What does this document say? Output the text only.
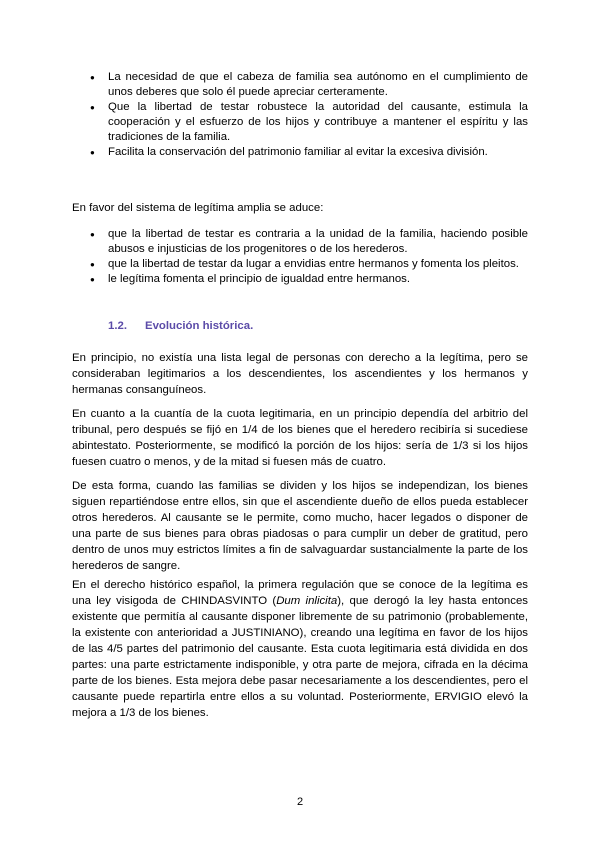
● La necesidad de que el cabeza de familia sea autónomo en el cumplimiento de unos deberes que solo él puede apreciar certeramente.
● Que la libertad de testar robustece la autoridad del causante, estimula la cooperación y el esfuerzo de los hijos y contribuye a mantener el espíritu y las tradiciones de la familia.
● Facilita la conservación del patrimonio familiar al evitar la excesiva división.
En favor del sistema de legítima amplia se aduce:
● que la libertad de testar es contraria a la unidad de la familia, haciendo posible abusos e injusticias de los progenitores o de los herederos.
● que la libertad de testar da lugar a envidias entre hermanos y fomenta los pleitos.
● le legítima fomenta el principio de igualdad entre hermanos.
1.2. Evolución histórica.
En principio, no existía una lista legal de personas con derecho a la legítima, pero se consideraban legitimarios a los descendientes, los ascendientes y los hermanos y hermanas consanguíneos.
En cuanto a la cuantía de la cuota legitimaria, en un principio dependía del arbitrio del tribunal, pero después se fijó en 1/4 de los bienes que el heredero recibiría si sucediese abintestato. Posteriormente, se modificó la porción de los hijos: sería de 1/3 si los hijos fuesen cuatro o menos, y de la mitad si fuesen más de cuatro.
De esta forma, cuando las familias se dividen y los hijos se independizan, los bienes siguen repartiéndose entre ellos, sin que el ascendiente dueño de ellos pueda establecer otros herederos. Al causante se le permite, como mucho, hacer legados o disponer de una parte de sus bienes para obras piadosas o para cumplir un deber de gratitud, pero dentro de unos muy estrictos límites a fin de salvaguardar sustancialmente la parte de los herederos de sangre.
En el derecho histórico español, la primera regulación que se conoce de la legítima es una ley visigoda de CHINDASVINTO (Dum inlicita), que derogó la ley hasta entonces existente que permitía al causante disponer libremente de su patrimonio (probablemente, la existente con anterioridad a JUSTINIANO), creando una legítima en favor de los hijos de las 4/5 partes del patrimonio del causante. Esta cuota legitimaria está dividida en dos partes: una parte estrictamente indisponible, y otra parte de mejora, cifrada en la décima parte de los bienes. Esta mejora debe pasar necesariamente a los descendientes, pero el causante puede repartirla entre ellos a su voluntad. Posteriormente, ERVIGIO elevó la mejora a 1/3 de los bienes.
2
